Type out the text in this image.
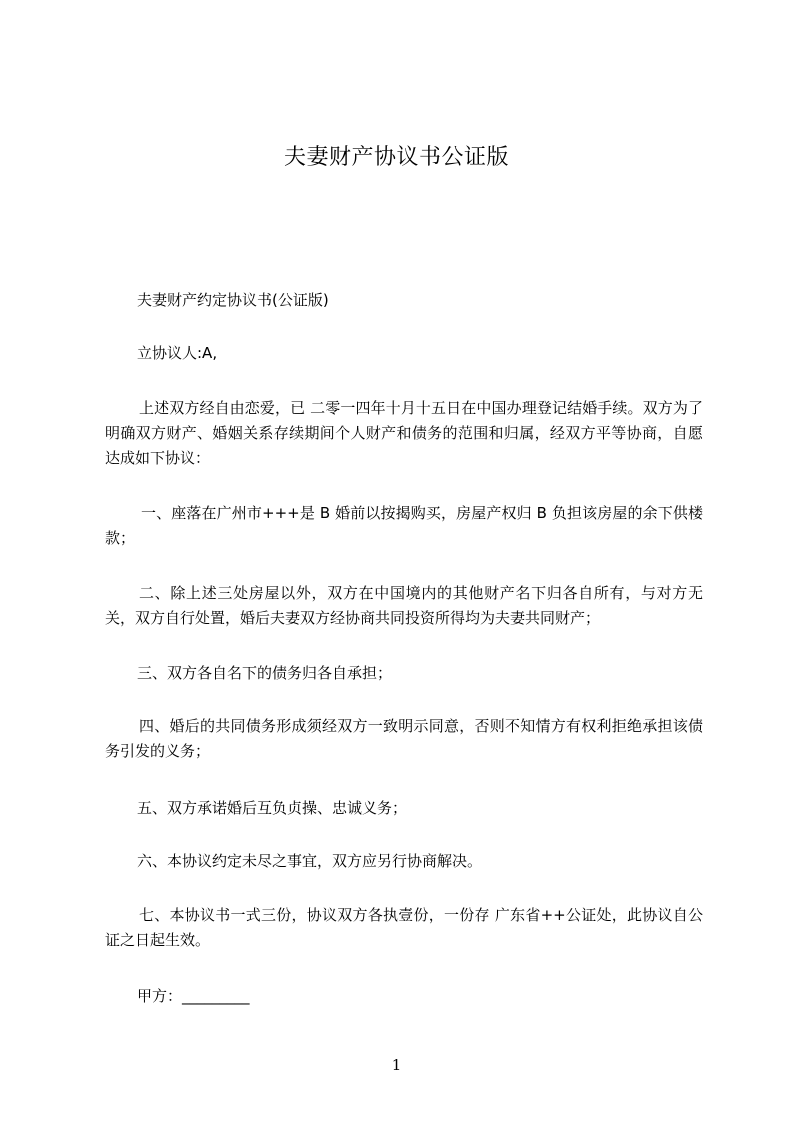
夫妻财产协议书公证版
夫妻财产约定协议书(公证版)
立协议人:A,
上述双方经自由恋爱，已 二零一四年十月十五日在中国办理登记结婚手续。双方为了明确双方财产、婚姻关系存续期间个人财产和债务的范围和归属，经双方平等协商，自愿达成如下协议：
一、座落在广州市+++是 B 婚前以按揭购买，房屋产权归 B 负担该房屋的余下供楼款；
二、除上述三处房屋以外，双方在中国境内的其他财产名下归各自所有，与对方无关，双方自行处置，婚后夫妻双方经协商共同投资所得均为夫妻共同财产；
三、双方各自名下的债务归各自承担；
四、婚后的共同债务形成须经双方一致明示同意，否则不知情方有权利拒绝承担该债务引发的义务；
五、双方承诺婚后互负贞操、忠诚义务；
六、本协议约定未尽之事宜，双方应另行协商解决。
七、本协议书一式三份，协议双方各执壹份，一份存 广东省++公证处，此协议自公证之日起生效。
甲方：_________
1
